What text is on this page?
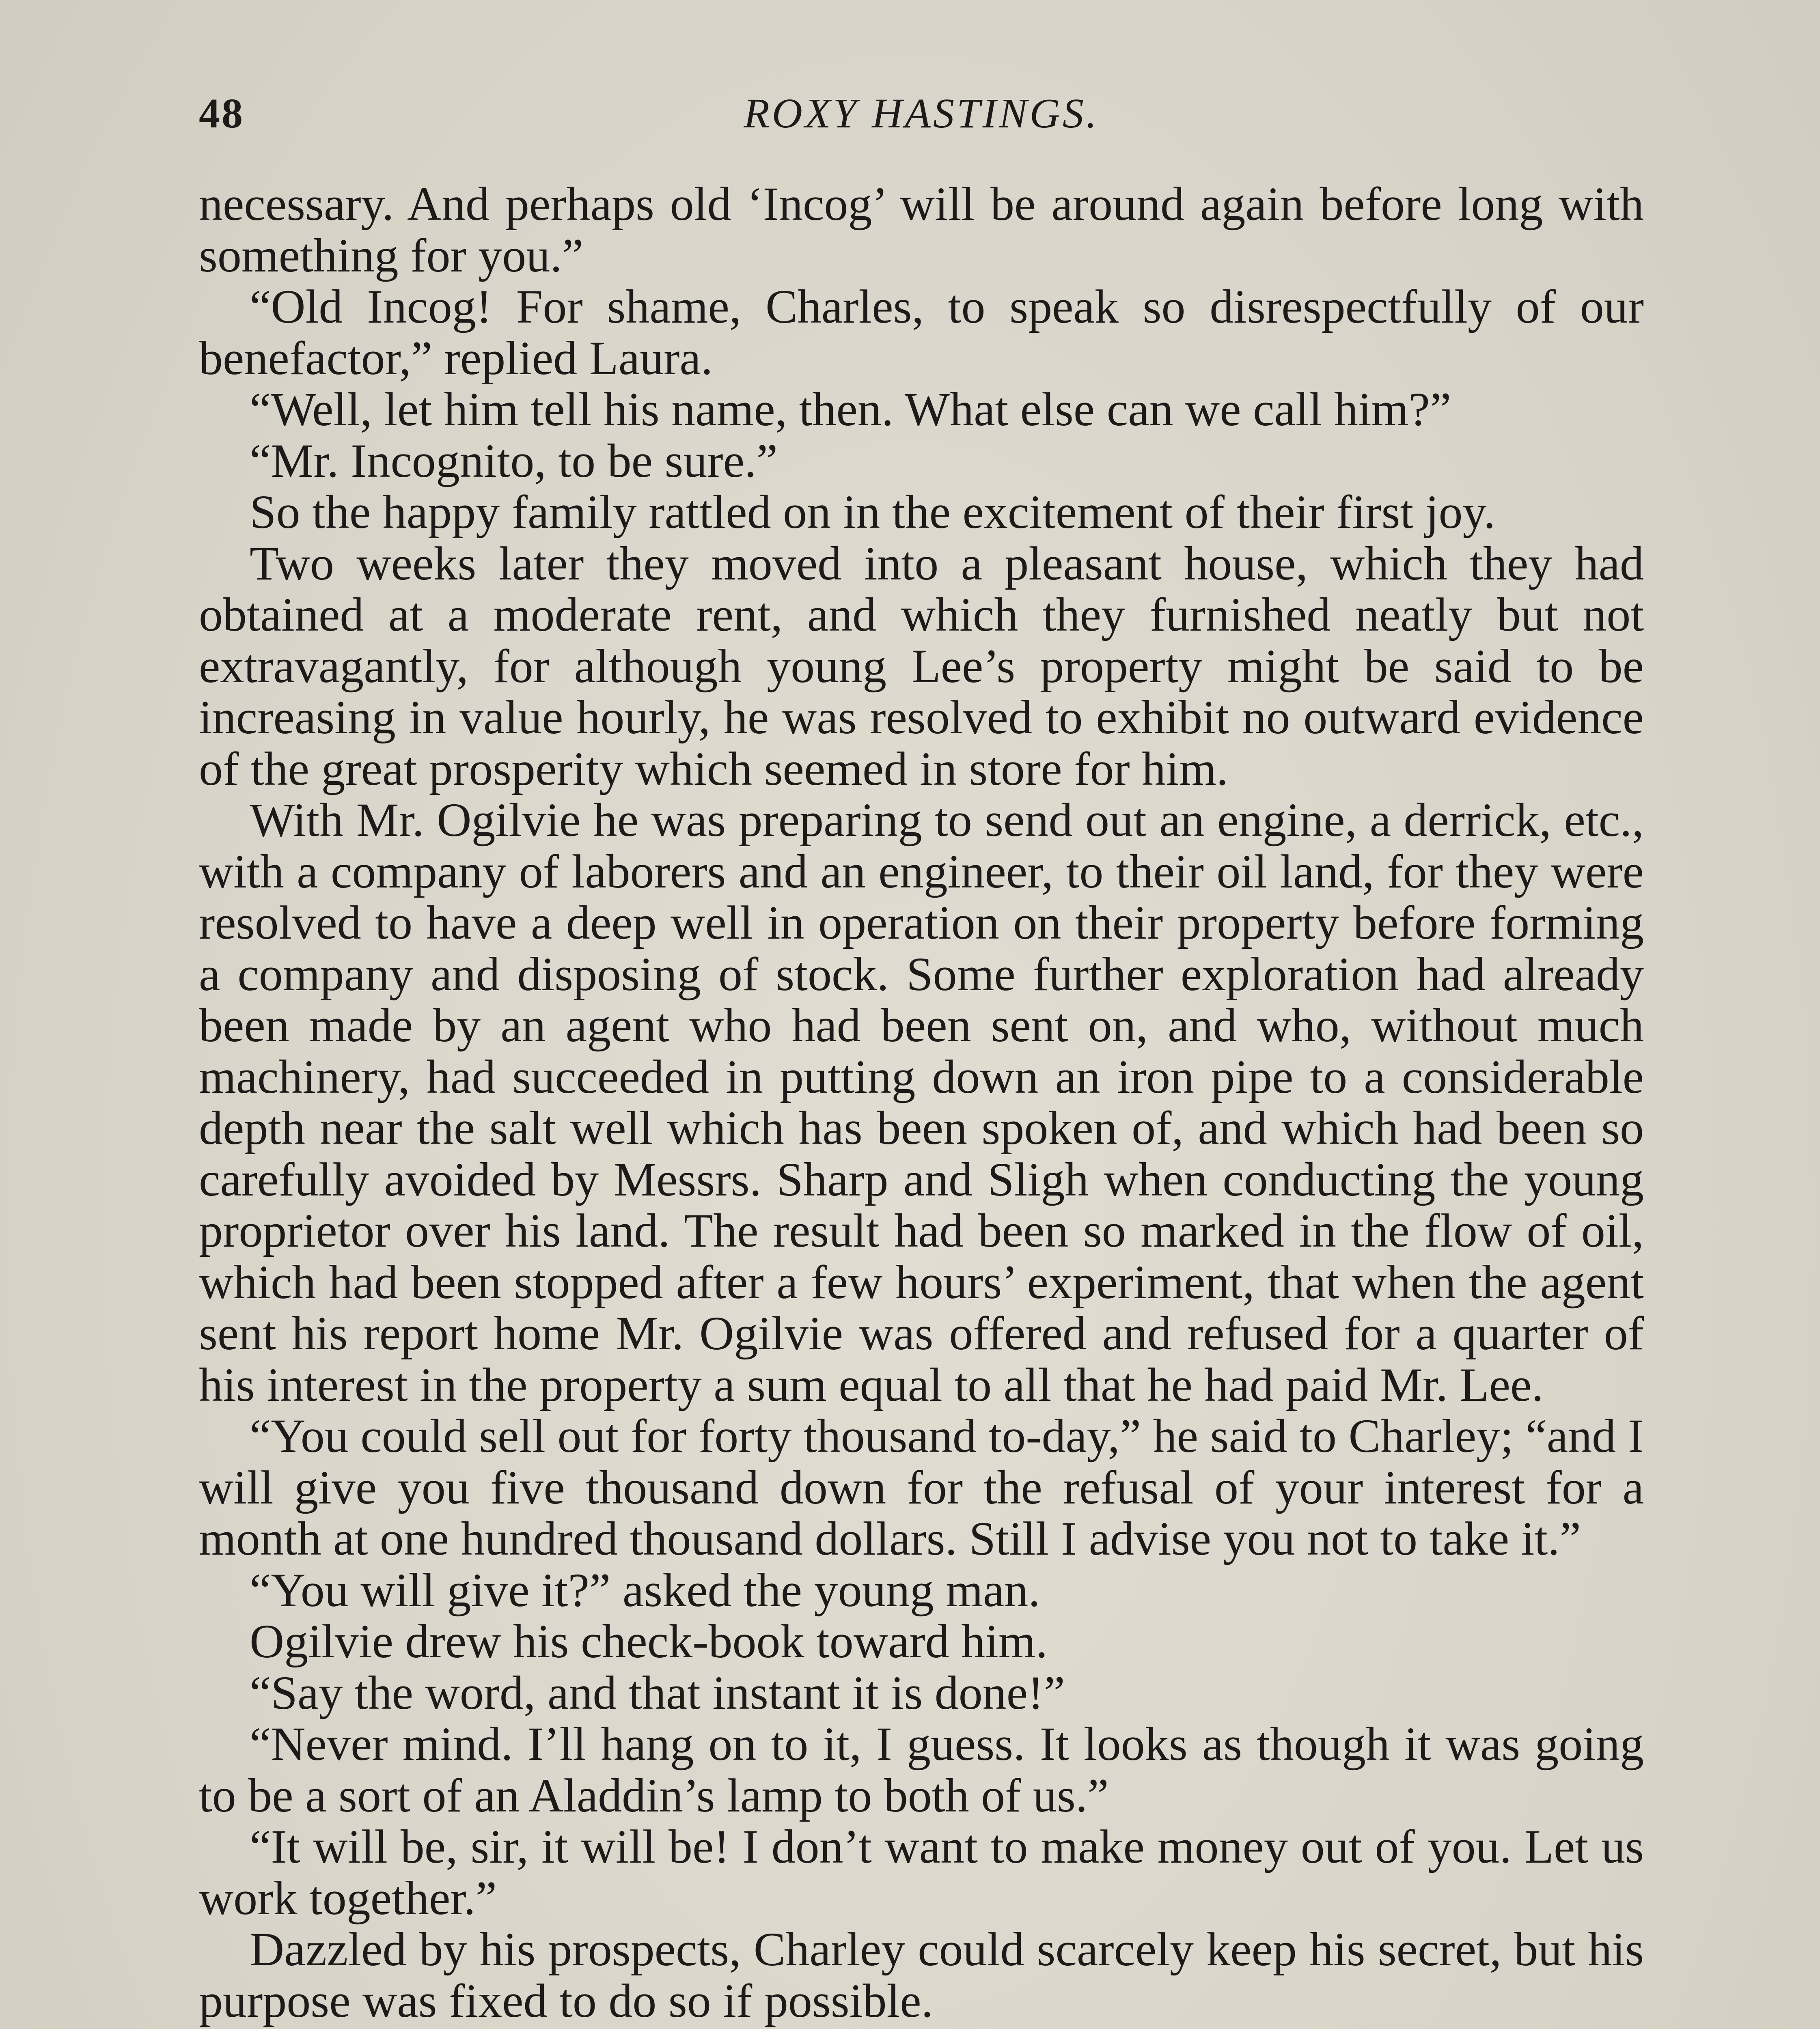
48	ROXY HASTINGS.

necessary. And perhaps old ‘Incog’ will be around again before long with something for you.”

“Old Incog! For shame, Charles, to speak so disrespectfully of our benefactor,” replied Laura.

“Well, let him tell his name, then. What else can we call him?”

“Mr. Incognito, to be sure.”

So the happy family rattled on in the excitement of their first joy.

Two weeks later they moved into a pleasant house, which they had obtained at a moderate rent, and which they furnished neatly but not extravagantly, for although young Lee’s property might be said to be increasing in value hourly, he was resolved to exhibit no outward evidence of the great prosperity which seemed in store for him.

With Mr. Ogilvie he was preparing to send out an engine, a derrick, etc., with a company of laborers and an engineer, to their oil land, for they were resolved to have a deep well in operation on their property before forming a company and disposing of stock. Some further exploration had already been made by an agent who had been sent on, and who, without much machinery, had succeeded in putting down an iron pipe to a considerable depth near the salt well which has been spoken of, and which had been so carefully avoided by Messrs. Sharp and Sligh when conducting the young proprietor over his land. The result had been so marked in the flow of oil, which had been stopped after a few hours’ experiment, that when the agent sent his report home Mr. Ogilvie was offered and refused for a quarter of his interest in the property a sum equal to all that he had paid Mr. Lee.

“You could sell out for forty thousand to-day,” he said to Charley; “and I will give you five thousand down for the refusal of your interest for a month at one hundred thousand dollars. Still I advise you not to take it.”

“You will give it?” asked the young man.

Ogilvie drew his check-book toward him.

“Say the word, and that instant it is done!”

“Never mind. I’ll hang on to it, I guess. It looks as though it was going to be a sort of an Aladdin’s lamp to both of us.”

“It will be, sir, it will be! I don’t want to make money out of you. Let us work together.”

Dazzled by his prospects, Charley could scarcely keep his secret, but his purpose was fixed to do so if possible.
